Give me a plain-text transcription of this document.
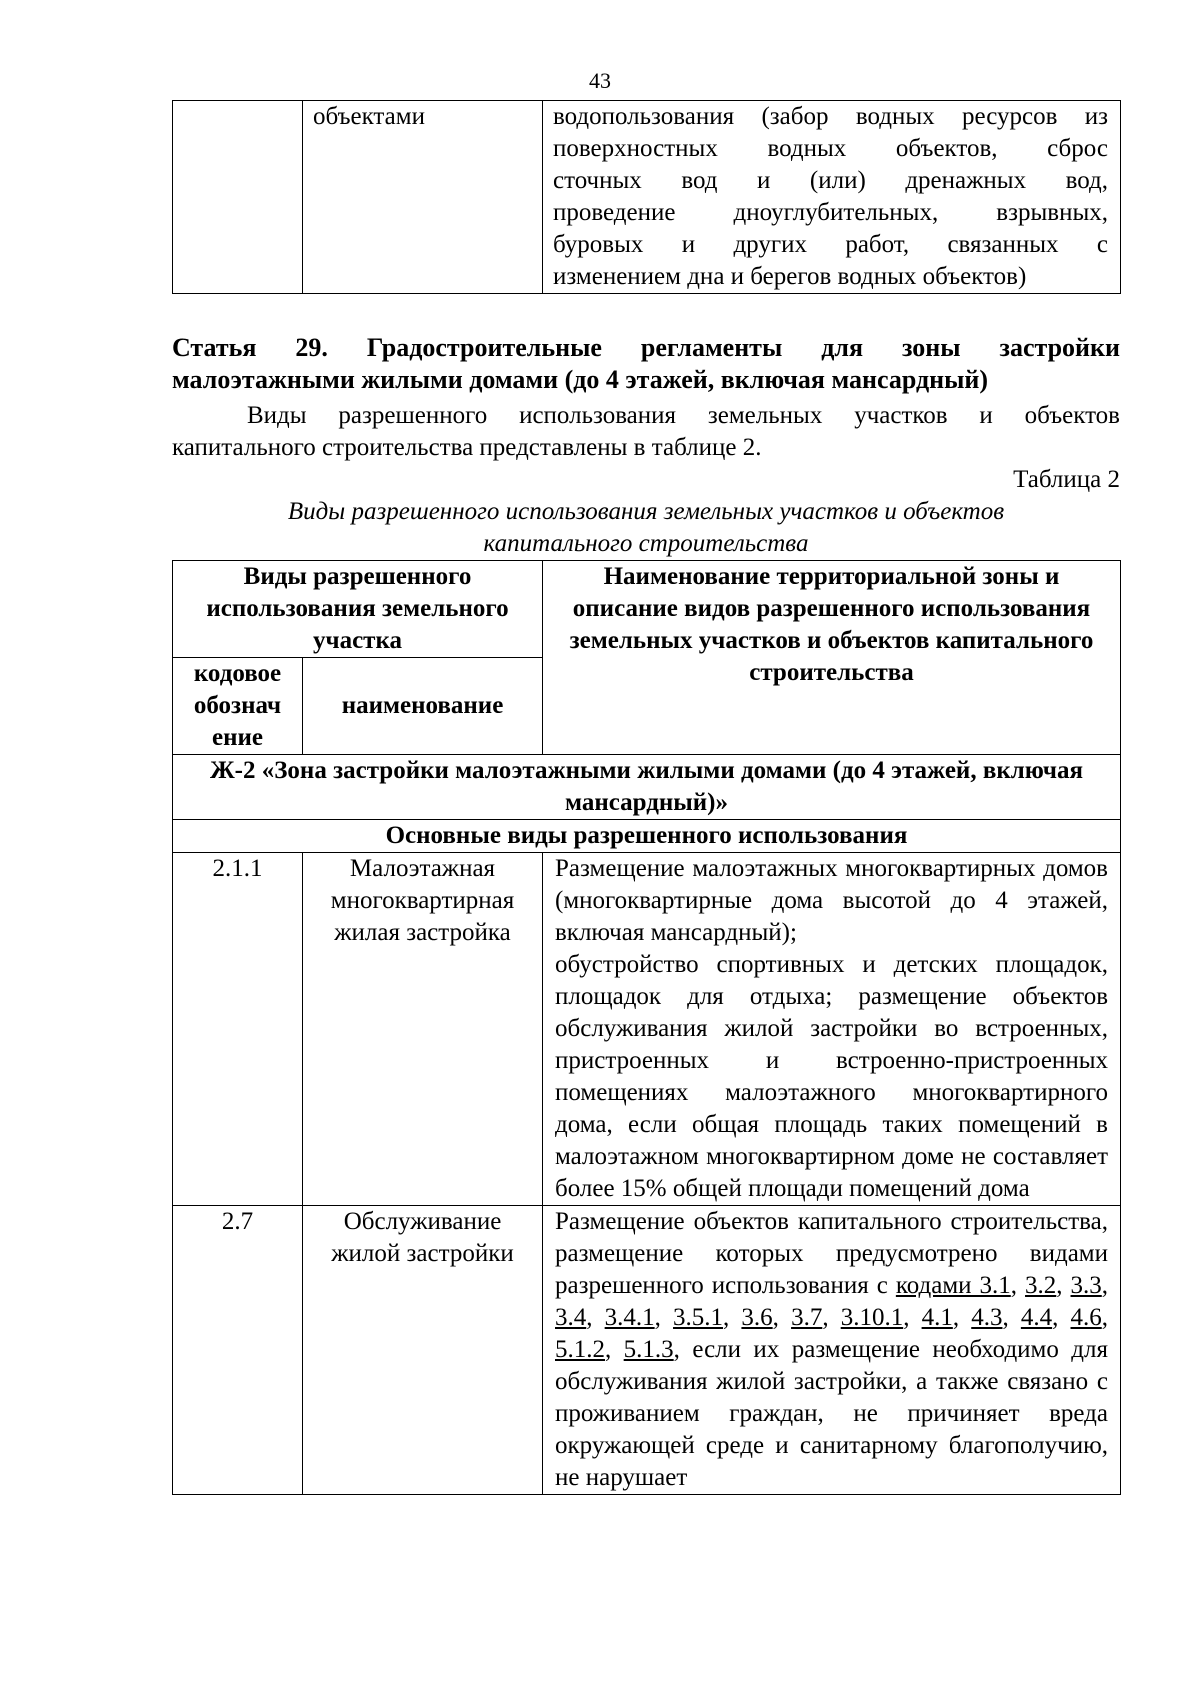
43
	объектами	водопользования (забор водных ресурсов из
поверхностных водных объектов, сброс
сточных вод и (или) дренажных вод,
проведение дноуглубительных, взрывных,
буровых и других работ, связанных с
изменением дна и берегов водных объектов)
Статья 29. Градостроительные регламенты для зоны застройки
малоэтажными жилыми домами (до 4 этажей, включая мансардный)
Виды разрешенного использования земельных участков и объектов
капитального строительства представлены в таблице 2.
Таблица 2
Виды разрешенного использования земельных участков и объектов
капитального строительства
Виды разрешенного использования земельного участка		Наименование территориальной зоны и описание видов разрешенного использования земельных участков и объектов капитального строительства
кодовое обознач ение	наименование	
Ж-2 «Зона застройки малоэтажными жилыми домами (до 4 этажей, включая мансардный)»		
Основные виды разрешенного использования		
2.1.1	Малоэтажная многоквартирная жилая застройка	Размещение малоэтажных многоквартирных домов (многоквартирные дома высотой до 4 этажей, включая мансардный);
обустройство спортивных и детских площадок, площадок для отдыха; размещение объектов обслуживания жилой застройки во встроенных, пристроенных и встроенно-пристроенных помещениях малоэтажного многоквартирного дома, если общая площадь таких помещений в малоэтажном многоквартирном доме не составляет более 15% общей площади помещений дома

2.7	Обслуживание жилой застройки	Размещение объектов капитального строительства, размещение которых предусмотрено видами разрешенного использования с кодами 3.1, 3.2, 3.3, 3.4, 3.4.1, 3.5.1, 3.6, 3.7, 3.10.1, 4.1, 4.3, 4.4, 4.6, 5.1.2, 5.1.3, если их размещение необходимо для обслуживания жилой застройки, а также связано с проживанием граждан, не причиняет вреда окружающей среде и санитарному благополучию, не нарушает
